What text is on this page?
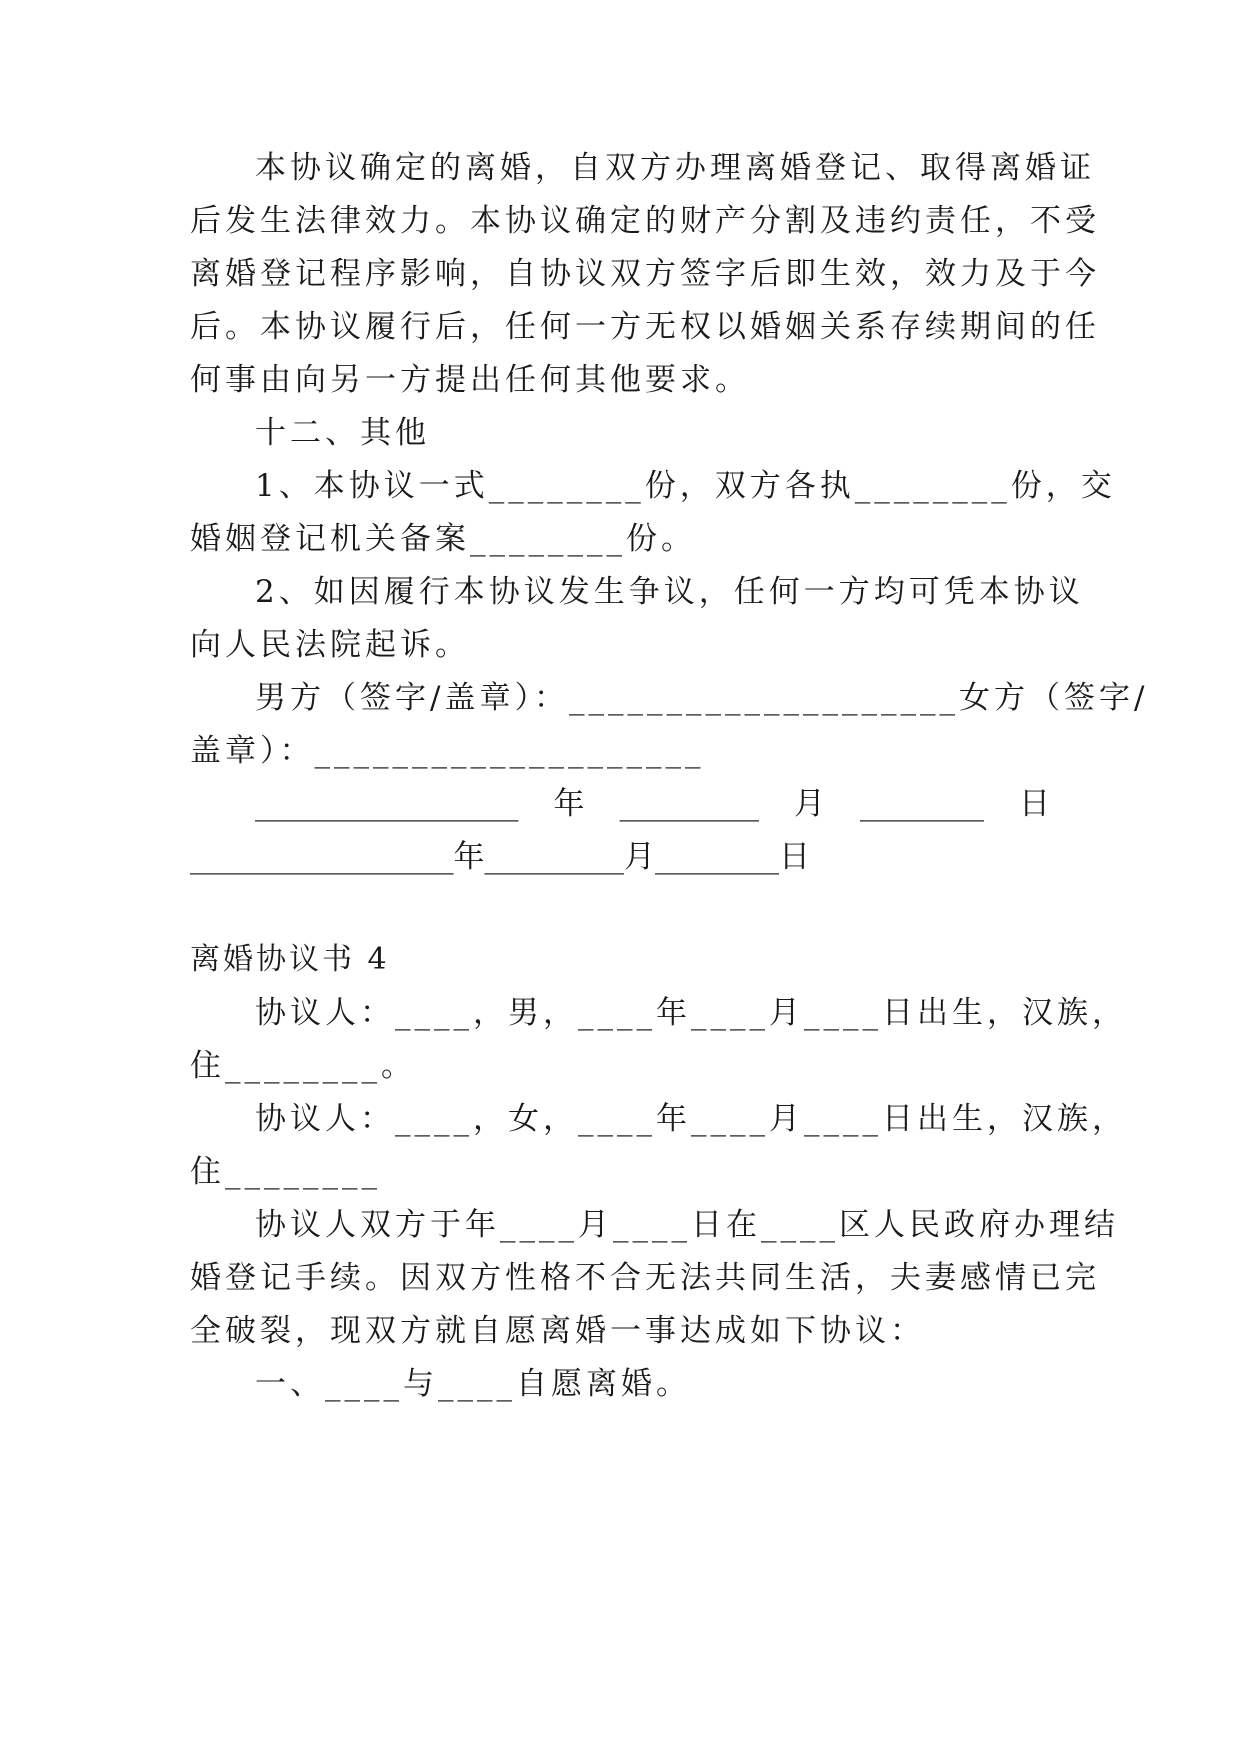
本协议确定的离婚，自双方办理离婚登记、取得离婚证
后发生法律效力。本协议确定的财产分割及违约责任，不受
离婚登记程序影响，自协议双方签字后即生效，效力及于今
后。本协议履行后，任何一方无权以婚姻关系存续期间的任
何事由向另一方提出任何其他要求。
十二、其他
1、本协议一式________份，双方各执________份，交
婚姻登记机关备案________份。
2、如因履行本协议发生争议，任何一方均可凭本协议
向人民法院起诉。
男方（签字/盖章）：____________________女方（签字/
盖章）：____________________
_________________ 年 _________ 月 ________ 日
_________________年_________月________日
离婚协议书 4
协议人：____，男，____年____月____日出生，汉族，
住________。
协议人：____，女，____年____月____日出生，汉族，
住________
协议人双方于年____月____日在____区人民政府办理结
婚登记手续。因双方性格不合无法共同生活，夫妻感情已完
全破裂，现双方就自愿离婚一事达成如下协议：
一、____与____自愿离婚。
